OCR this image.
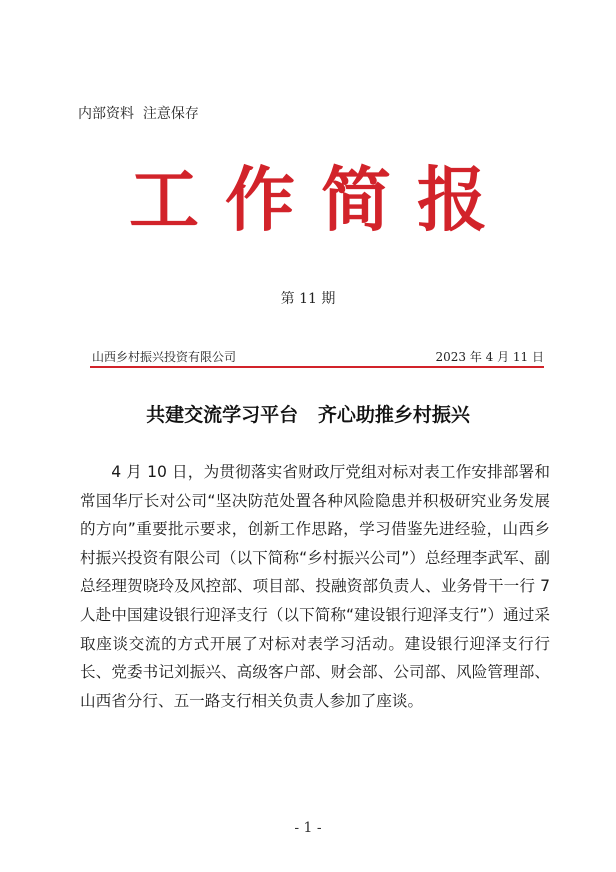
内部资料  注意保存
工 作 简 报
第 11 期
山西乡村振兴投资有限公司	2023 年 4 月 11 日
共建交流学习平台   齐心助推乡村振兴

4 月 10 日，为贯彻落实省财政厅党组对标对表工作安排部署和常国华厅长对公司“坚决防范处置各种风险隐患并积极研究业务发展的方向”重要批示要求，创新工作思路，学习借鉴先进经验，山西乡村振兴投资有限公司（以下简称“乡村振兴公司”）总经理李武军、副总经理贺晓玲及风控部、项目部、投融资部负责人、业务骨干一行 7 人赴中国建设银行迎泽支行（以下简称“建设银行迎泽支行”）通过采取座谈交流的方式开展了对标对表学习活动。建设银行迎泽支行行长、党委书记刘振兴、高级客户部、财会部、公司部、风险管理部、山西省分行、五一路支行相关负责人参加了座谈。

- 1 -
